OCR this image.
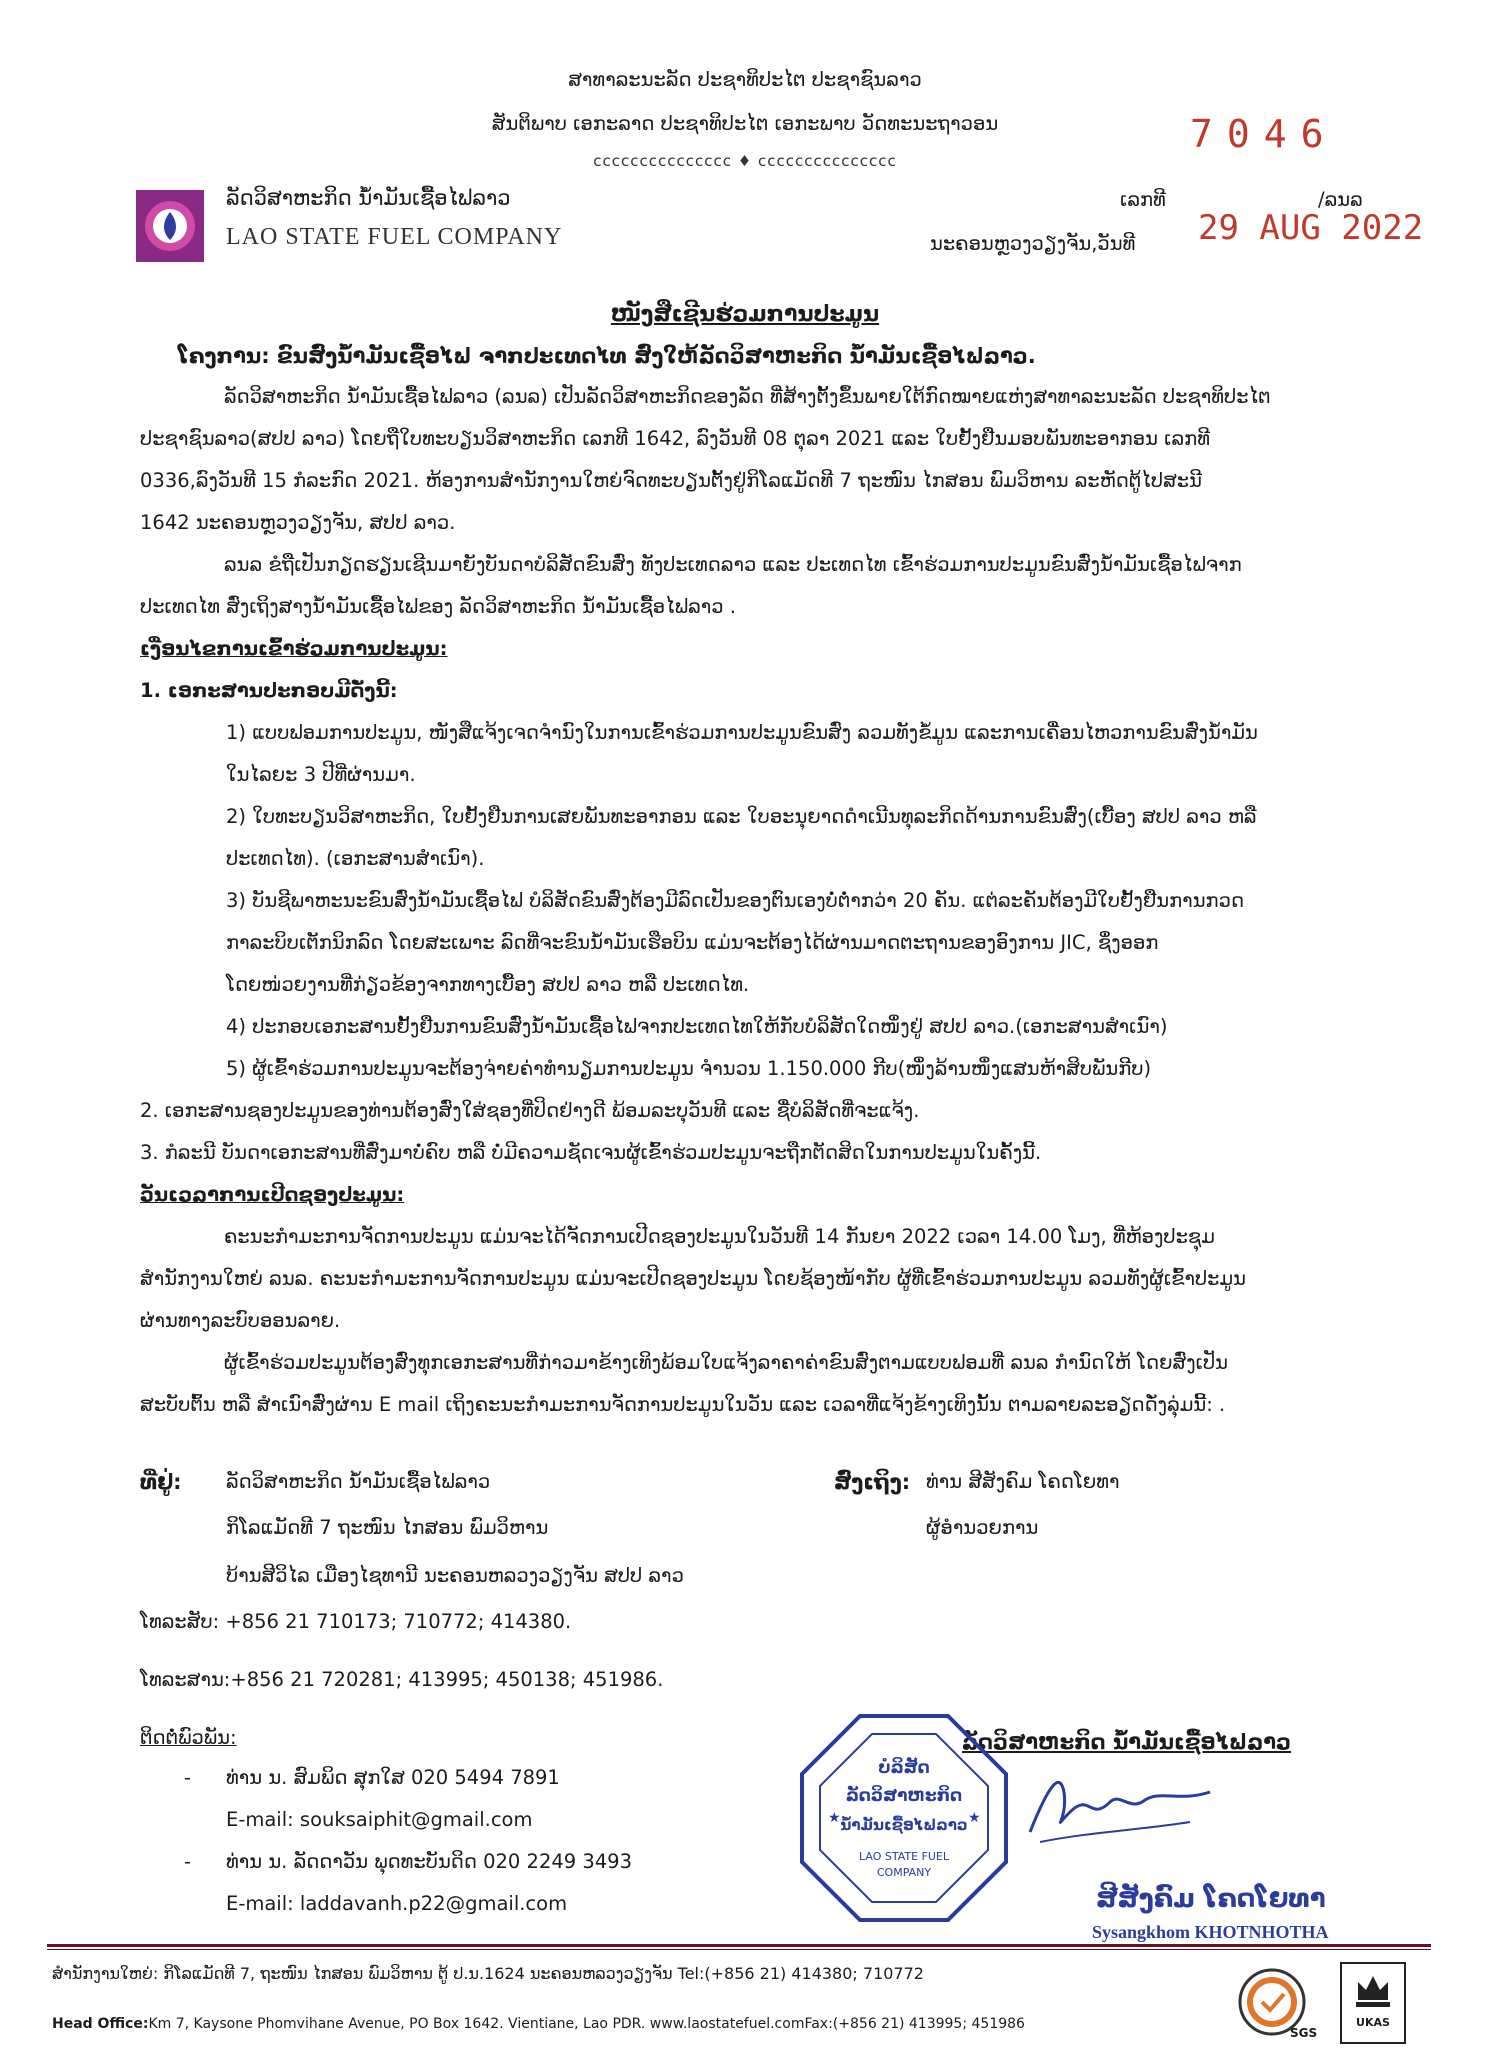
ສາທາລະນະລັດ ປະຊາທິປະໄຕ ປະຊາຊົນລາວ
ສັນຕິພາບ ເອກະລາດ ປະຊາທິປະໄຕ ເອກະພາບ ວັດທະນະຖາວອນ
ccccccccccccccc ♦ ccccccccccccccc
7046
ລັດວິສາຫະກິດ ນໍ້າມັນເຊື້ອໄຟລາວ
LAO STATE FUEL COMPANY
ເລກທີ	/ລນລ
ນະຄອນຫຼວງວຽງຈັນ,ວັນທີ 29 AUG 2022
ໜັງສືເຊີນຮ່ວມການປະມູນ
ໂຄງການ: ຂົນສົ່ງນໍ້າມັນເຊື້ອໄຟ ຈາກປະເທດໄທ ສົ່ງໃຫ້ລັດວິສາຫະກິດ ນໍ້າມັນເຊື້ອໄຟລາວ.
ລັດວິສາຫະກິດ ນໍ້າມັນເຊື້ອໄຟລາວ (ລນລ) ເປັນລັດວິສາຫະກິດຂອງລັດ ທີ່ສ້າງຕັ້ງຂຶ້ນພາຍໃຕ້ກົດໝາຍແຫ່ງສາທາລະນະລັດ ປະຊາທິປະໄຕ
ປະຊາຊົນລາວ(ສປປ ລາວ) ໂດຍຖືໃບທະບຽນວິສາຫະກິດ ເລກທີ 1642, ລົງວັນທີ 08 ຕຸລາ 2021 ແລະ ໃບຢັ້ງຢືນມອບພັນທະອາກອນ ເລກທີ
0336,ລົງວັນທີ 15 ກໍລະກົດ 2021. ຫ້ອງການສໍານັກງານໃຫຍ່ຈົດທະບຽນຕັ້ງຢູ່ກິໂລແມັດທີ 7 ຖະໜົນ ໄກສອນ ພົມວິຫານ ລະຫັດຕູ້ໄປສະນີ
1642 ນະຄອນຫຼວງວຽງຈັນ, ສປປ ລາວ.
ລນລ ຂໍຖືເປັນກຽດຮຽນເຊີນມາຍັງບັນດາບໍລິສັດຂົນສົ່ງ ທັງປະເທດລາວ ແລະ ປະເທດໄທ ເຂົ້າຮ່ວມການປະມູນຂົນສົ່ງນໍ້າມັນເຊື້ອໄຟຈາກ
ປະເທດໄທ ສົ່ງເຖິງສາງນໍ້າມັນເຊື້ອໄຟຂອງ ລັດວິສາຫະກິດ ນໍ້າມັນເຊື້ອໄຟລາວ .
ເງື່ອນໄຂການເຂົ້າຮ່ວມການປະມູນ:
1. ເອກະສານປະກອບມີດັ່ງນີ້:
1) ແບບຟອມການປະມູນ, ໜັງສືແຈ້ງເຈດຈໍານົງໃນການເຂົ້າຮ່ວມການປະມູນຂົນສົ່ງ ລວມທັງຂໍ້ມູນ ແລະການເຄື່ອນໄຫວການຂົນສົ່ງນໍ້າມັນ
ໃນໄລຍະ 3 ປີທີ່ຜ່ານມາ.
2) ໃບທະບຽນວິສາຫະກິດ, ໃບຢັ້ງຢືນການເສຍພັນທະອາກອນ ແລະ ໃບອະນຸຍາດດໍາເນີນທຸລະກິດດ້ານການຂົນສົ່ງ(ເບື້ອງ ສປປ ລາວ ຫລື
ປະເທດໄທ). (ເອກະສານສໍາເນົາ).
3) ບັນຊີພາຫະນະຂົນສົ່ງນໍ້າມັນເຊື້ອໄຟ ບໍລິສັດຂົນສົ່ງຕ້ອງມີລົດເປັນຂອງຕົນເອງບໍ່ຕໍ່າກວ່າ 20 ຄັນ. ແຕ່ລະຄັນຕ້ອງມີໃບຢັ້ງຢືນການກວດ
ກາລະບິບເຕັກນິກລົດ ໂດຍສະເພາະ ລົດທີ່ຈະຂົນນໍ້າມັນເຮືອບິນ ແມ່ນຈະຕ້ອງໄດ້ຜ່ານມາດຕະຖານຂອງອົງການ JIC, ຊຶ່ງອອກ
ໂດຍໜ່ວຍງານທີ່ກ່ຽວຂ້ອງຈາກທາງເບື້ອງ ສປປ ລາວ ຫລື ປະເທດໄທ.
4) ປະກອບເອກະສານຢັ້ງຢືນການຂົນສົ່ງນໍ້າມັນເຊື້ອໄຟຈາກປະເທດໄທໃຫ້ກັບບໍລິສັດໃດໜຶ່ງຢູ່ ສປປ ລາວ.(ເອກະສານສໍາເນົາ)
5) ຜູ້ເຂົ້າຮ່ວມການປະມູນຈະຕ້ອງຈ່າຍຄ່າທໍານຽມການປະມູນ ຈໍານວນ 1.150.000 ກີບ(ໜຶ່ງລ້ານໜຶ່ງແສນຫ້າສິບພັນກີບ)
2. ເອກະສານຊອງປະມູນຂອງທ່ານຕ້ອງສົ່ງໃສ່ຊອງທີ່ປິດຢ່າງດີ ພ້ອມລະບຸວັນທີ ແລະ ຊື່ບໍລິສັດທີ່ຈະແຈ້ງ.
3. ກໍລະນີ ບັນດາເອກະສານທີ່ສົ່ງມາບໍ່ຄົບ ຫລື ບໍ່ມີຄວາມຊັດເຈນຜູ້ເຂົ້າຮ່ວມປະມູນຈະຖືກຕັດສິດໃນການປະມູນໃນຄັ້ງນີ້.
ວັນເວລາການເປີດຊອງປະມູນ:
ຄະນະກໍາມະການຈັດການປະມູນ ແມ່ນຈະໄດ້ຈັດການເປີດຊອງປະມູນໃນວັນທີ 14 ກັນຍາ 2022 ເວລາ 14.00 ໂມງ, ທີ່ຫ້ອງປະຊຸມ
ສໍານັກງານໃຫຍ່ ລນລ. ຄະນະກໍາມະການຈັດການປະມູນ ແມ່ນຈະເປີດຊອງປະມູນ ໂດຍຊ້ອງໜ້າກັບ ຜູ້ທີ່ເຂົ້າຮ່ວມການປະມູນ ລວມທັງຜູ້ເຂົ້າປະມູນ
ຜ່ານທາງລະບົບອອນລາຍ.
ຜູ້ເຂົ້າຮ່ວມປະມູນຕ້ອງສົ່ງທຸກເອກະສານທີ່ກ່າວມາຂ້າງເທິງພ້ອມໃບແຈ້ງລາຄາຄ່າຂົນສົ່ງຕາມແບບຟອມທີ່ ລນລ ກໍານົດໃຫ້ ໂດຍສົ່ງເປັນ
ສະບັບຕົ້ນ ຫລື ສໍາເນົາສົ່ງຜ່ານ E mail ເຖິງຄະນະກໍາມະການຈັດການປະມູນໃນວັນ ແລະ ເວລາທີ່ແຈ້ງຂ້າງເທິງນັ້ນ ຕາມລາຍລະອຽດດັ່ງລຸ່ມນີ້: .
ທີ່ຢູ່: ລັດວິສາຫະກິດ ນໍ້າມັນເຊື້ອໄຟລາວ
ກິໂລແມັດທີ 7 ຖະໜົນ ໄກສອນ ພົມວິຫານ
ບ້ານສີວິໄລ ເມືອງໄຊທານີ ນະຄອນຫລວງວຽງຈັນ ສປປ ລາວ
ໂທລະສັບ: +856 21 710173; 710772; 414380.
ໂທລະສານ:+856 21 720281; 413995; 450138; 451986.
ສົ່ງເຖິງ: ທ່ານ ສີສັງຄົມ ໂຄດໂຍທາ
ຜູ້ອໍານວຍການ
ຕິດຕໍ່ພົວພັນ:
- ທ່ານ ນ. ສົມພິດ ສຸກໃສ 020 5494 7891
E-mail: souksaiphit@gmail.com
- ທ່ານ ນ. ລັດດາວັນ ພຸດທະບັນດິດ 020 2249 3493
E-mail: laddavanh.p22@gmail.com
ລັດວິສາຫະກິດ ນໍ້າມັນເຊື້ອໄຟລາວ
★	★
ບໍລິສັດ
ລັດວິສາຫະກິດ
ນໍ້າມັນເຊື້ອໄຟລາວ
LAO STATE FUEL
COMPANY
ສີສັງຄົມ ໂຄດໂຍທາ
Sysangkhom KHOTNHOTHA
ສໍານັກງານໃຫຍ່: ກິໂລແມັດທີ 7, ຖະໜົນ ໄກສອນ ພົມວິຫານ ຕູ້ ປ.ນ.1624 ນະຄອນຫລວງວຽງຈັນ Tel:(+856 21) 414380; 710772
Head Office:Km 7, Kaysone Phomvihane Avenue, PO Box 1642. Vientiane, Lao PDR. www.laostatefuel.comFax:(+856 21) 413995; 451986
SGS
UKAS
